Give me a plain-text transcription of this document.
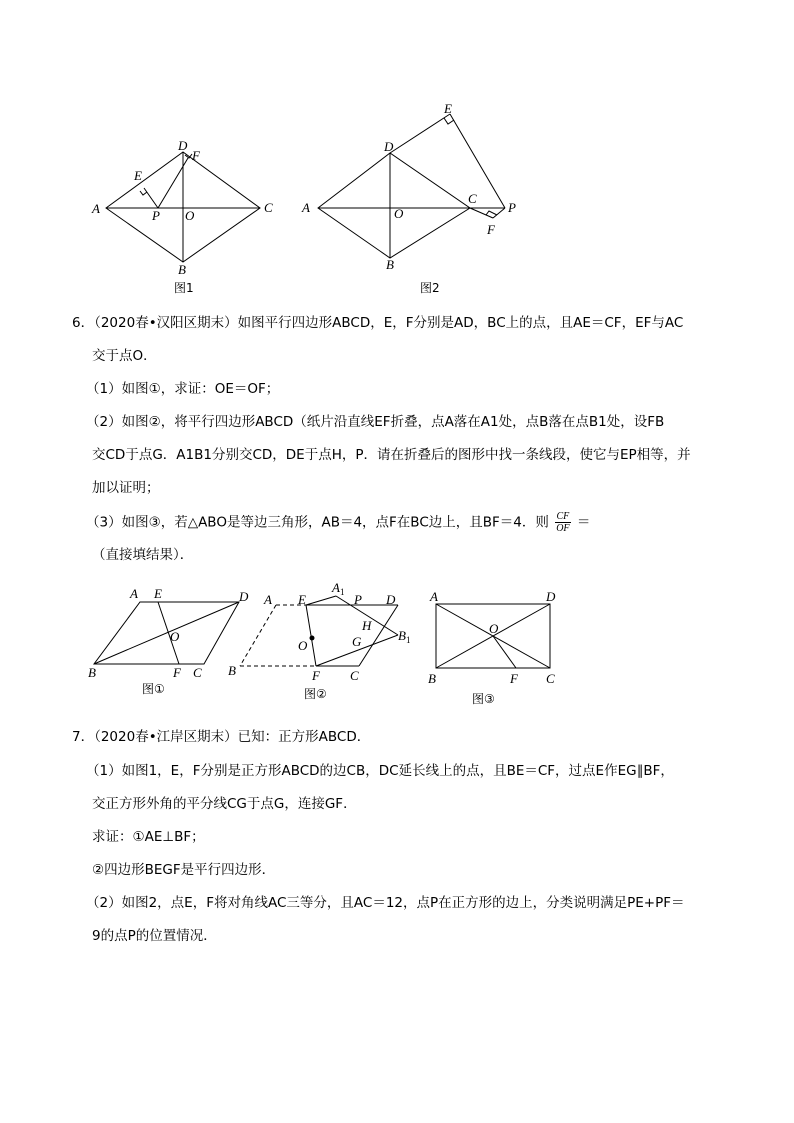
A
D
F
E
P O
C
B
图1
E
D
A	O
C
P
F
B
图2
6．（2020春•汉阳区期末）如图平行四边形ABCD，E，F分别是AD，BC上的点，且AE＝CF，EF与AC
交于点O．
（1）如图①，求证：OE＝OF；
（2）如图②，将平行四边形ABCD（纸片沿直线EF折叠，点A落在A1处，点B落在点B1处，设FB
交CD于点G．A1B1分别交CD，DE于点H，P．请在折叠后的图形中找一条线段，使它与EP相等，并
加以证明；
（3）如图③，若△ABO是等边三角形，AB＝4，点F在BC边上，且BF＝4．则 $\frac{CF}{OF}$ ＝
（直接填结果）．
A E	D
O
B	F C
图①
A E
$A_1$ P D
H
$B_1$
O	G
B	F C
图②
A	D
O
B	F C
图③
7．（2020春•江岸区期末）已知：正方形ABCD．
（1）如图1，E，F分别是正方形ABCD的边CB，DC延长线上的点，且BE＝CF，过点E作EG∥BF，
交正方形外角的平分线CG于点G，连接GF．
求证：①AE⊥BF；
②四边形BEGF是平行四边形．
（2）如图2，点E，F将对角线AC三等分，且AC＝12，点P在正方形的边上，分类说明满足PE+PF＝
9的点P的位置情况．
